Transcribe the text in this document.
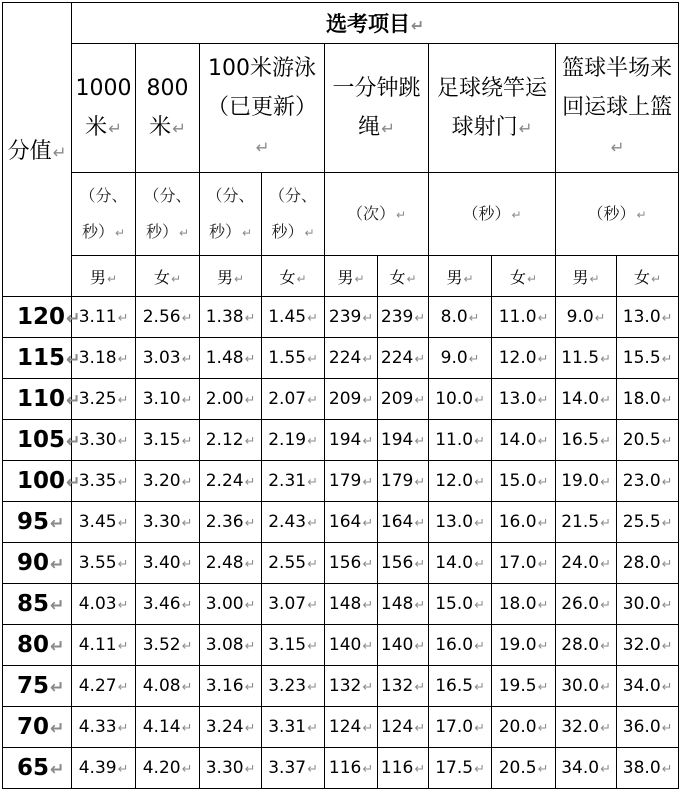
分值↵	选考项目↵									
	1000米↵	800米↵	100米游泳（已更新）↵		一分钟跳绳↵		足球绕竿运球射门↵		篮球半场来回运球上篮↵	
	（分、秒）↵	（分、秒）↵	（分、秒）↵	（分、秒）↵	（次）↵		（秒）↵		（秒）↵	
	男↵	女↵	男↵	女↵	男↵	女↵	男↵	女↵	男↵	女↵
120↵	3.11↵	2.56↵	1.38↵	1.45↵	239↵	239↵	8.0↵	11.0↵	9.0↵	13.0↵
115↵	3.18↵	3.03↵	1.48↵	1.55↵	224↵	224↵	9.0↵	12.0↵	11.5↵	15.5↵
110↵	3.25↵	3.10↵	2.00↵	2.07↵	209↵	209↵	10.0↵	13.0↵	14.0↵	18.0↵
105↵	3.30↵	3.15↵	2.12↵	2.19↵	194↵	194↵	11.0↵	14.0↵	16.5↵	20.5↵
100↵	3.35↵	3.20↵	2.24↵	2.31↵	179↵	179↵	12.0↵	15.0↵	19.0↵	23.0↵
95↵	3.45↵	3.30↵	2.36↵	2.43↵	164↵	164↵	13.0↵	16.0↵	21.5↵	25.5↵
90↵	3.55↵	3.40↵	2.48↵	2.55↵	156↵	156↵	14.0↵	17.0↵	24.0↵	28.0↵
85↵	4.03↵	3.46↵	3.00↵	3.07↵	148↵	148↵	15.0↵	18.0↵	26.0↵	30.0↵
80↵	4.11↵	3.52↵	3.08↵	3.15↵	140↵	140↵	16.0↵	19.0↵	28.0↵	32.0↵
75↵	4.27↵	4.08↵	3.16↵	3.23↵	132↵	132↵	16.5↵	19.5↵	30.0↵	34.0↵
70↵	4.33↵	4.14↵	3.24↵	3.31↵	124↵	124↵	17.0↵	20.0↵	32.0↵	36.0↵
65↵	4.39↵	4.20↵	3.30↵	3.37↵	116↵	116↵	17.5↵	20.5↵	34.0↵	38.0↵
